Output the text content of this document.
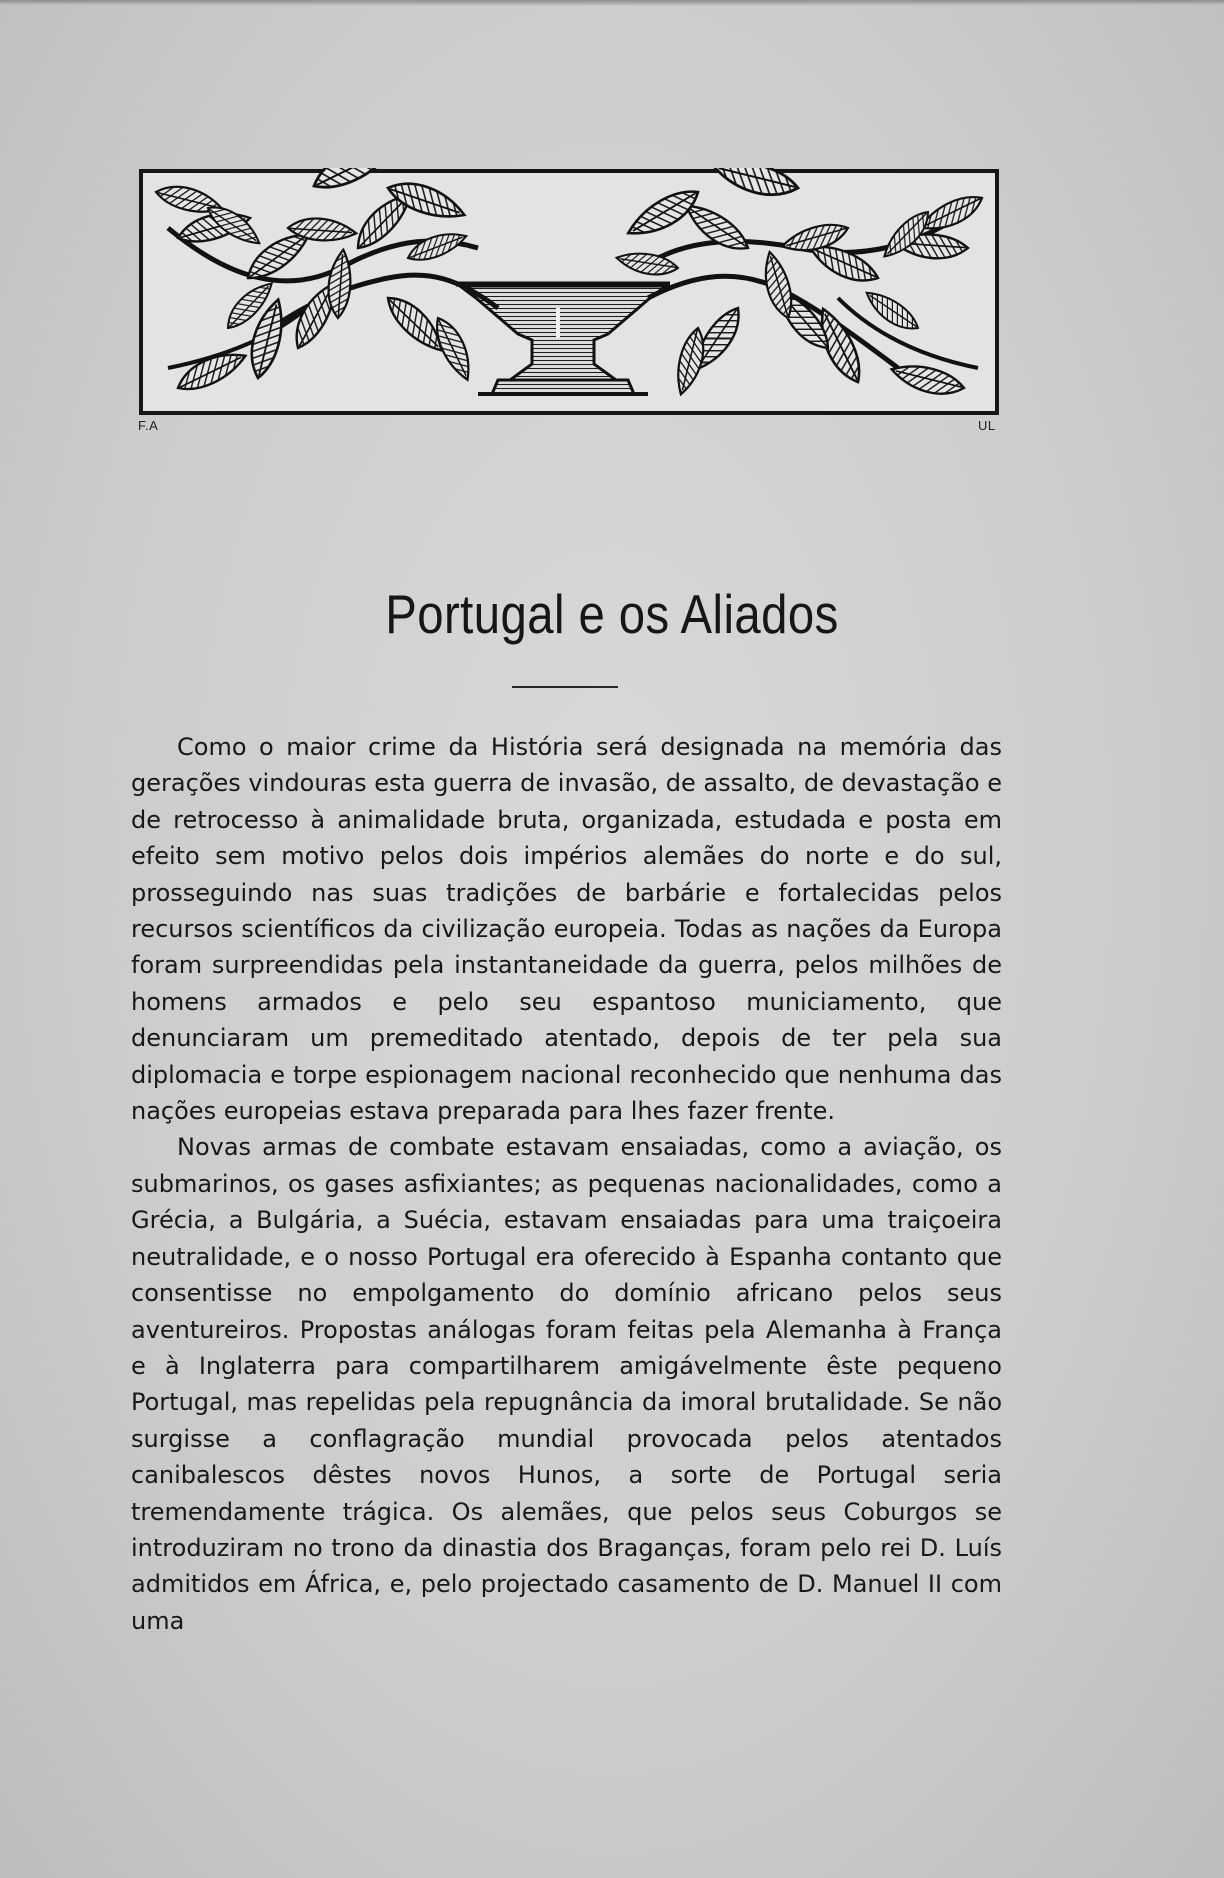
F.A	UL
Portugal e os Aliados

Como o maior crime da História será designada na memória das gerações vindouras esta guerra de invasão, de assalto, de devastação e de retrocesso à animalidade bruta, organizada, estudada e posta em efeito sem motivo pelos dois impérios alemães do norte e do sul, prosseguindo nas suas tradições de barbárie e fortalecidas pelos recursos scientíficos da civilização europeia. Todas as nações da Europa foram surpreendidas pela instantaneidade da guerra, pelos milhões de homens armados e pelo seu espantoso municiamento, que denunciaram um premeditado atentado, depois de ter pela sua diplomacia e torpe espionagem nacional reconhecido que nenhuma das nações europeias estava preparada para lhes fazer frente.

Novas armas de combate estavam ensaiadas, como a aviação, os submarinos, os gases asfixiantes; as pequenas nacionalidades, como a Grécia, a Bulgária, a Suécia, estavam ensaiadas para uma traiçoeira neutralidade, e o nosso Portugal era oferecido à Espanha contanto que consentisse no empolgamento do domínio africano pelos seus aventureiros. Propostas análogas foram feitas pela Alemanha à França e à Inglaterra para compartilharem amigávelmente êste pequeno Portugal, mas repelidas pela repugnância da imoral brutalidade. Se não surgisse a conflagração mundial provocada pelos atentados canibalescos dêstes novos Hunos, a sorte de Portugal seria tremendamente trágica. Os alemães, que pelos seus Coburgos se introduziram no trono da dinastia dos Braganças, foram pelo rei D. Luís admitidos em África, e, pelo projectado casamento de D. Manuel II com uma
